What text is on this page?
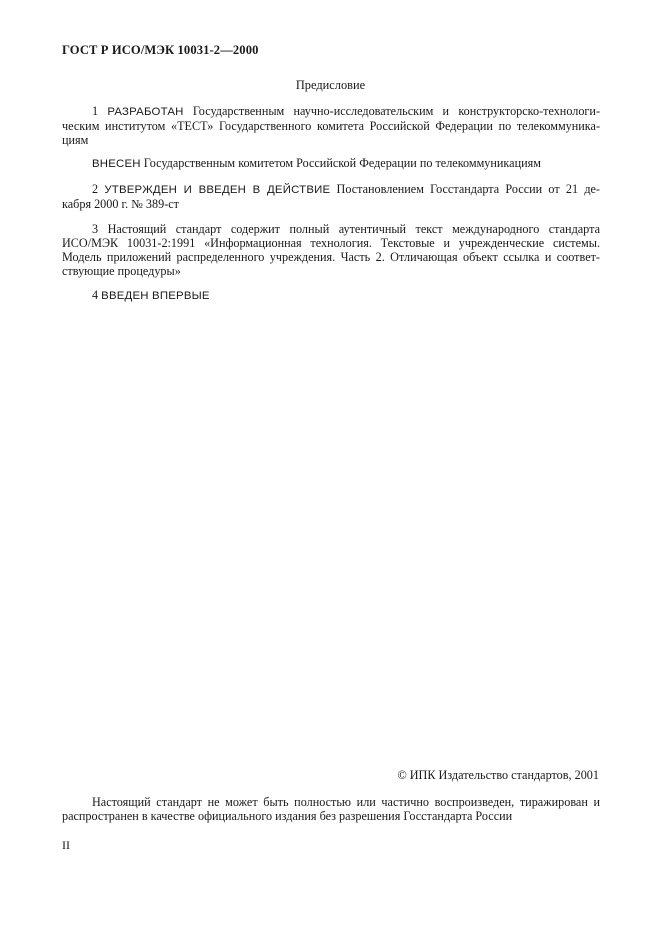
ГОСТ Р ИСО/МЭК 10031-2—2000
Предисловие
1 РАЗРАБОТАН Государственным научно-исследовательским и конструкторско-технологи-
ческим институтом «ТЕСТ» Государственного комитета Российской Федерации по телекоммуника-
циям
ВНЕСЕН Государственным комитетом Российской Федерации по телекоммуникациям
2 УТВЕРЖДЕН И ВВЕДЕН В ДЕЙСТВИЕ Постановлением Госстандарта России от 21 де-
кабря 2000 г. № 389-ст
3 Настоящий стандарт содержит полный аутентичный текст международного стандарта
ИСО/МЭК 10031-2:1991 «Информационная технология. Текстовые и учрежденческие системы.
Модель приложений распределенного учреждения. Часть 2. Отличающая объект ссылка и соответ-
ствующие процедуры»
4 ВВЕДЕН ВПЕРВЫЕ
© ИПК Издательство стандартов, 2001
Настоящий стандарт не может быть полностью или частично воспроизведен, тиражирован и
распространен в качестве официального издания без разрешения Госстандарта России
II
